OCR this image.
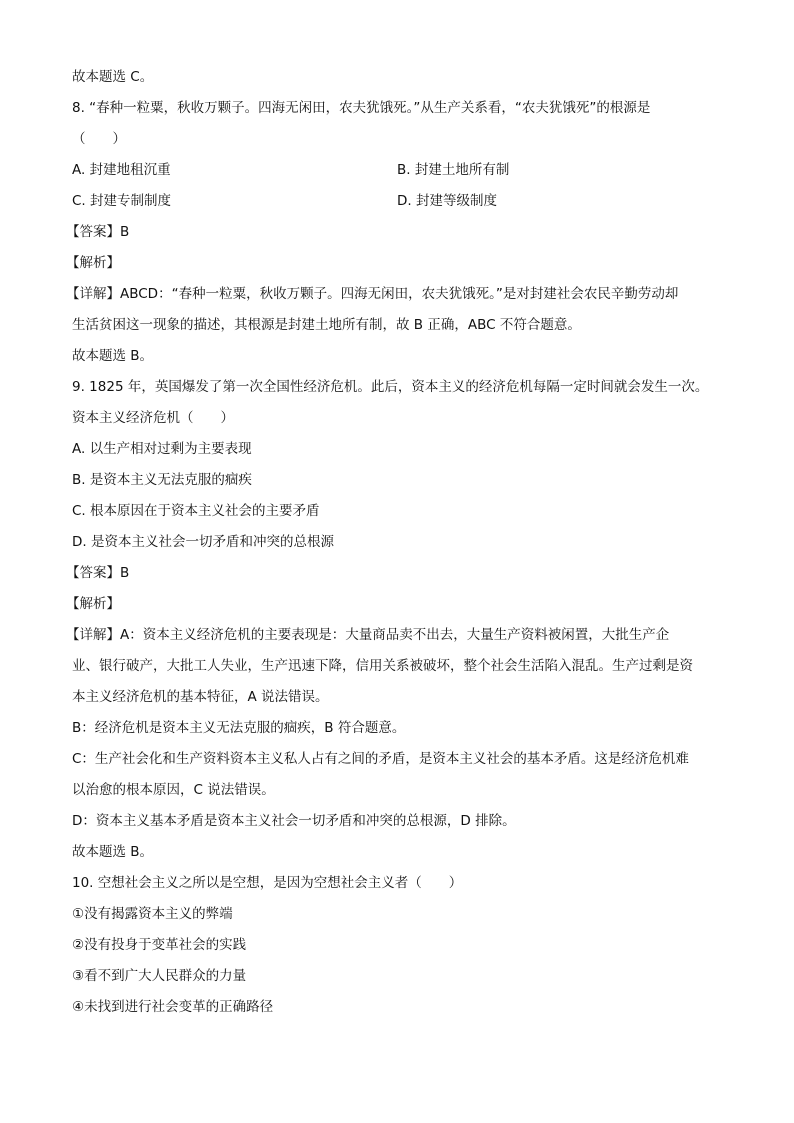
故本题选 C。

8. “春种一粒粟，秋收万颗子。四海无闲田，农夫犹饿死。”从生产关系看，“农夫犹饿死”的根源是

（　　）

A. 封建地租沉重	B. 封建土地所有制
C. 封建专制制度	D. 封建等级制度

【答案】B

【解析】

【详解】ABCD：“春种一粒粟，秋收万颗子。四海无闲田，农夫犹饿死。”是对封建社会农民辛勤劳动却

生活贫困这一现象的描述，其根源是封建土地所有制，故 B 正确，ABC 不符合题意。

故本题选 B。

9. 1825 年，英国爆发了第一次全国性经济危机。此后，资本主义的经济危机每隔一定时间就会发生一次。

资本主义经济危机（　　）

A. 以生产相对过剩为主要表现

B. 是资本主义无法克服的痼疾

C. 根本原因在于资本主义社会的主要矛盾

D. 是资本主义社会一切矛盾和冲突的总根源

【答案】B

【解析】

【详解】A：资本主义经济危机的主要表现是：大量商品卖不出去，大量生产资料被闲置，大批生产企

业、银行破产，大批工人失业，生产迅速下降，信用关系被破坏，整个社会生活陷入混乱。生产过剩是资

本主义经济危机的基本特征，A 说法错误。

B：经济危机是资本主义无法克服的痼疾，B 符合题意。

C：生产社会化和生产资料资本主义私人占有之间的矛盾，是资本主义社会的基本矛盾。这是经济危机难

以治愈的根本原因，C 说法错误。

D：资本主义基本矛盾是资本主义社会一切矛盾和冲突的总根源，D 排除。

故本题选 B。

10. 空想社会主义之所以是空想，是因为空想社会主义者（　　）

①没有揭露资本主义的弊端

②没有投身于变革社会的实践

③看不到广大人民群众的力量

④未找到进行社会变革的正确路径
